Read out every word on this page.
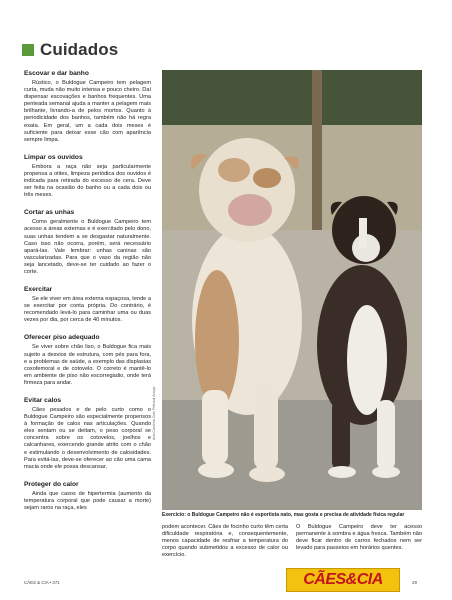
Cuidados
Escovar e dar banho
Rústico, o Buldogue Campeiro tem pelagem curta, muda não muito intensa e pouco cheiro. Daí dispensar escovações e banhos frequentes. Uma penteada semanal ajuda a manter a pelagem mais brilhante, livrando-a de pelos mortos. Quanto à periodicidade dos banhos, também não há regra exata. Em geral, um a cada dois meses é suficiente para deixar esse cão com aparência sempre limpa.
Limpar os ouvidos
Embora a raça não seja particularmente propensa a otites, limpeza periódica dos ouvidos é indicada para retirada do excesso de cera. Deve ser feita na ocasião do banho ou a cada dois ou três meses.
Cortar as unhas
Como geralmente o Buldogue Campeiro tem acesso a áreas externas e é exercitado pelo dono, suas unhas tendem a se desgastar naturalmente. Caso isso não ocorra, porém, será necessário apará-las. Vale lembrar: unhas caninas são vascularizadas. Para que o vaso da região não seja lancetado, deve-se ter cuidado ao fazer o corte.
Exercitar
Se ele viver em área externa espaçosa, tende a se exercitar por conta própria. Do contrário, é recomendado levá-lo para caminhar uma ou duas vezes por dia, por cerca de 40 minutos.
Oferecer piso adequado
Se viver sobre chão liso, o Buldogue fica mais sujeito a desvios de estrutura, com pés para fora, e a problemas de saúde, a exemplo das displasias coxofemoral e de cotovelo. O correto é mantê-lo em ambiente de piso não escorregadio, onde terá firmeza para andar.
Evitar calos
Cães pesados e de pelo curto como o Buldogue Campeiro são especialmente propensos à formação de calos nas articulações. Quando eles sentam ou se deitam, o peso corporal se concentra sobre os cotovelos, joelhos e calcanhares, exercendo grande atrito com o chão e estimulando o desenvolvimento de calosidades. Para evitá-las, deve-se oferecer ao cão uma cama macia onde ele possa descansar.
Proteger do calor
Ainda que casos de hipertermia (aumento da temperatura corporal que pode causar a morte) sejam raros na raça, eles
Ana Carolina Ciari Petrauli Araújo
Exercício: o Buldogue Campeiro não é esportista nato, mas gosta e precisa de atividade física regular
podem acontecer. Cães de focinho curto têm certa dificuldade respiratória e, consequentemente, menos capacidade de resfriar a temperatura do corpo quando submetidos a excesso de calor ou exercício.
O Buldogue Campeiro deve ter acesso permanente à sombra e água fresca. Também não deve ficar dentro de carros fechados nem ser levado para passeios em horários quentes.
CÃES & CIA • 371	CÃES&CIA	29
